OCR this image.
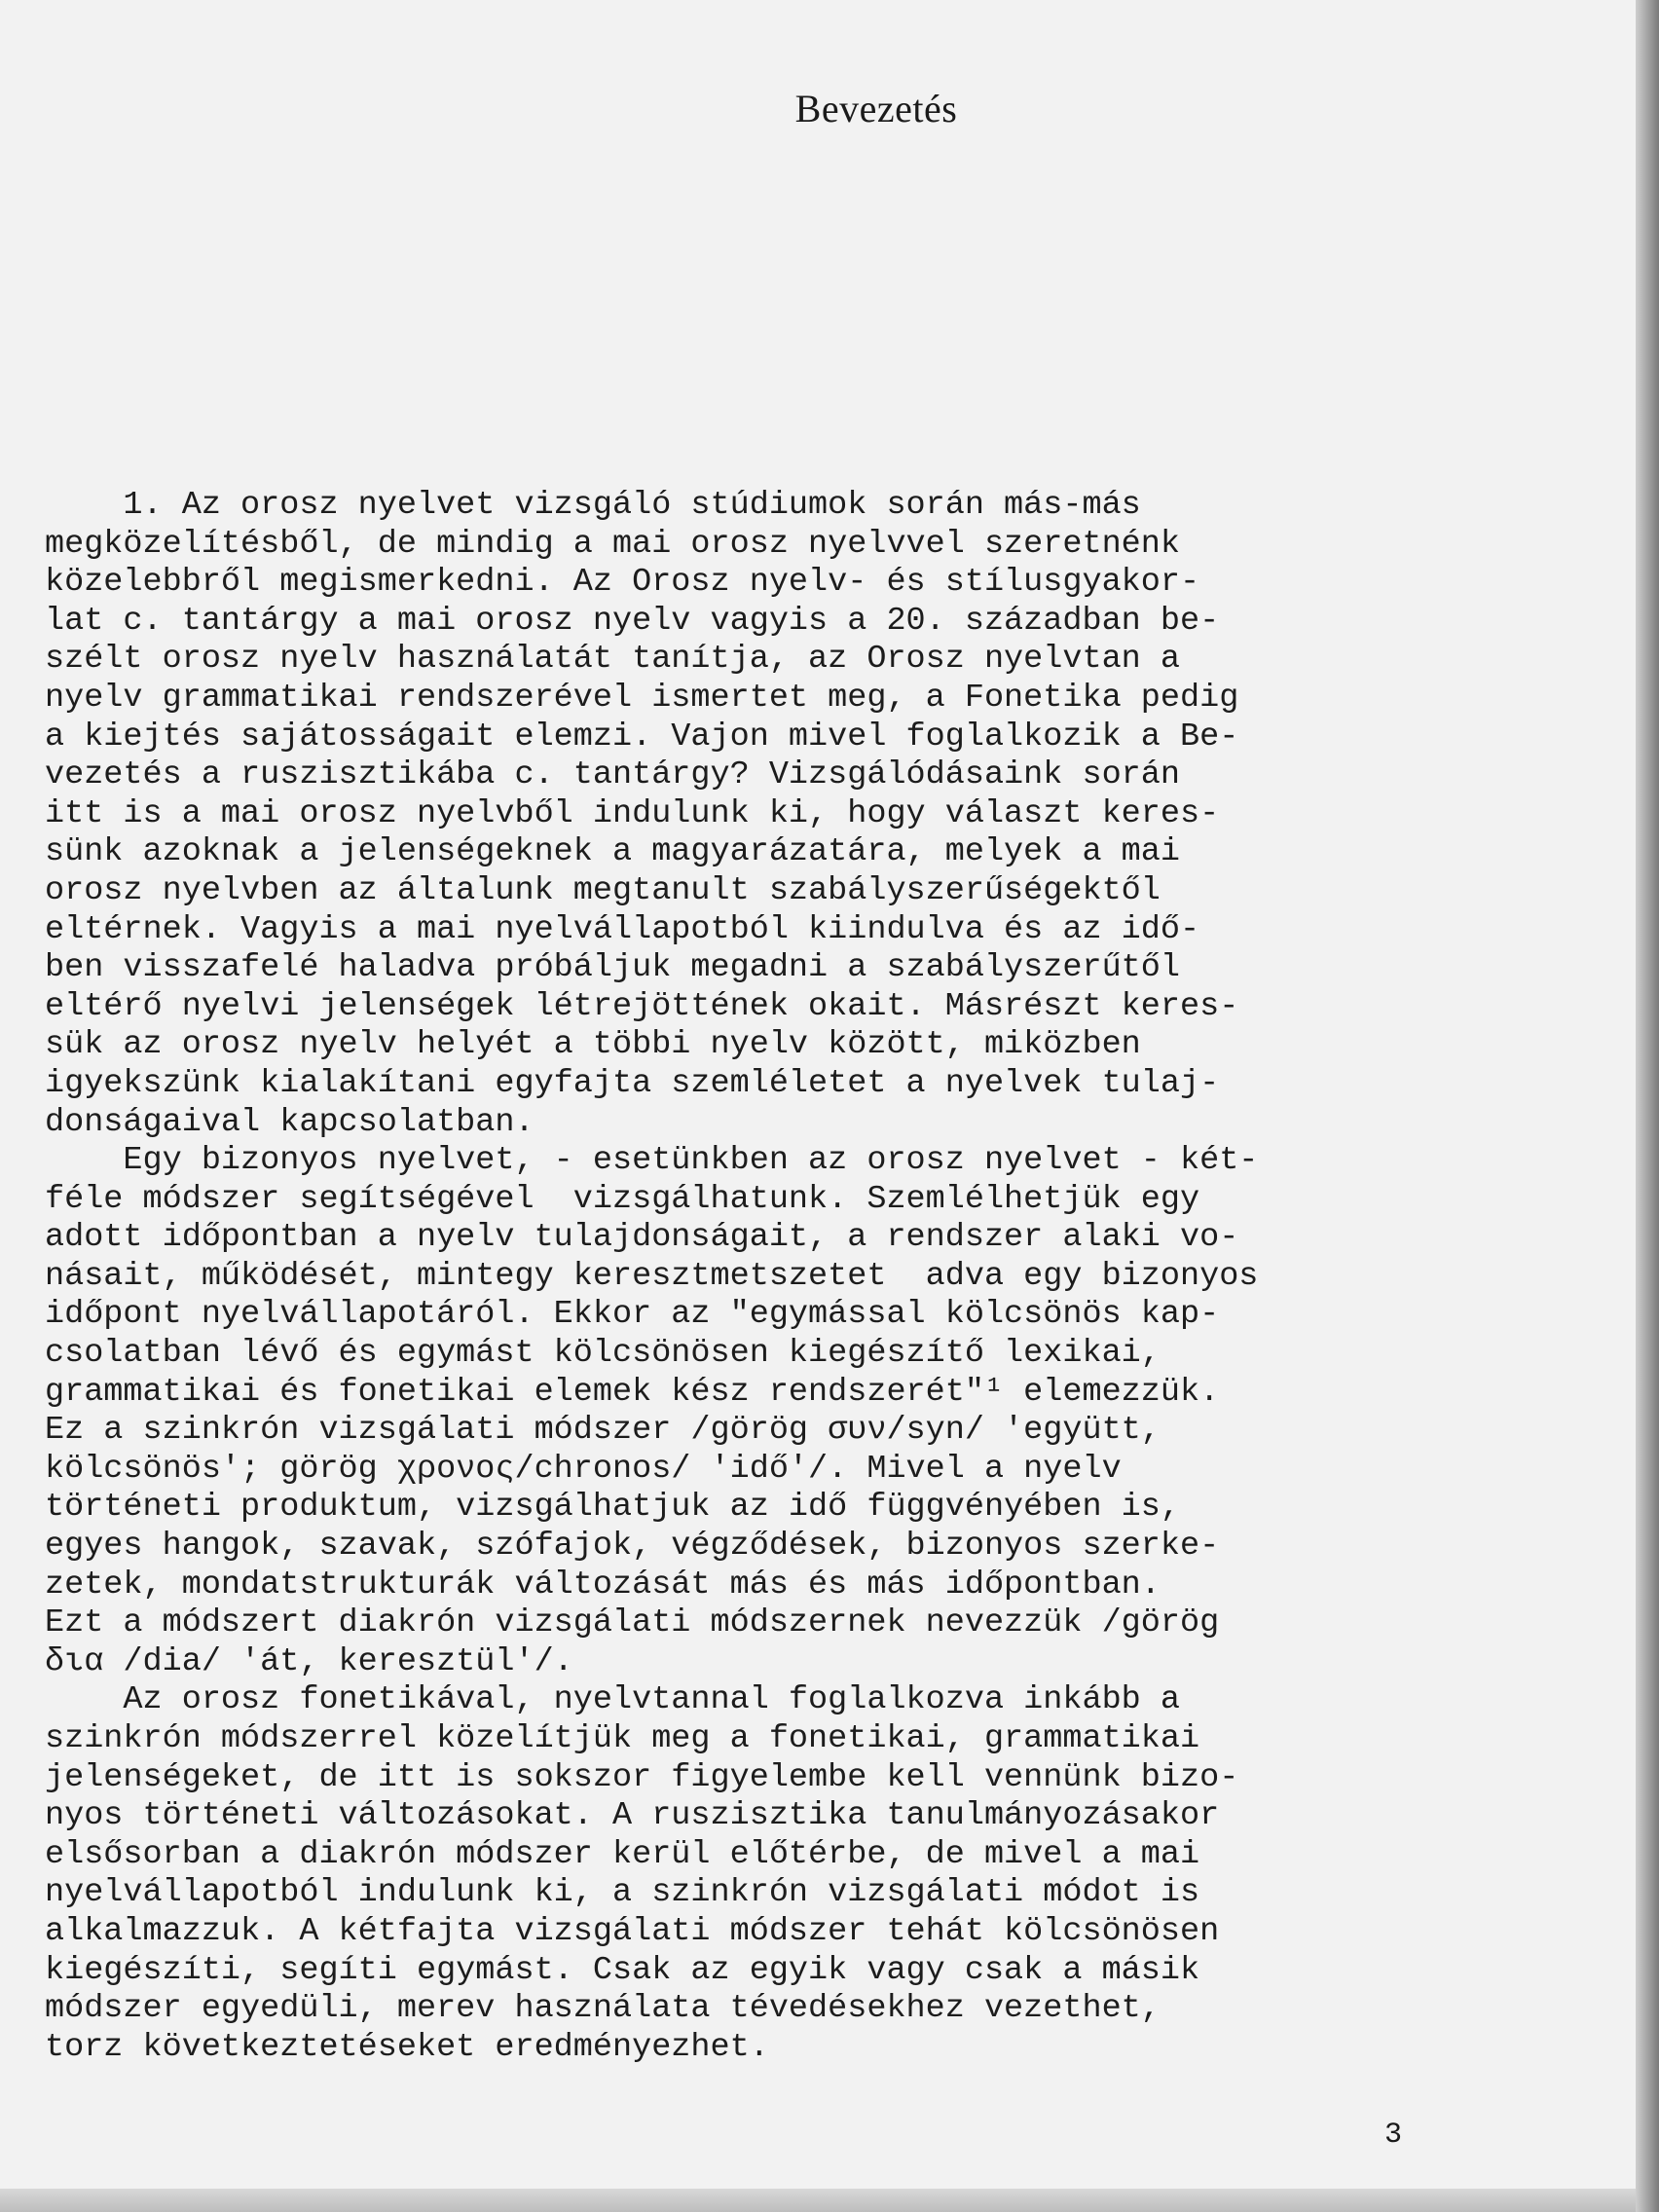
Bevezetés
1. Az orosz nyelvet vizsgáló stúdiumok során más-más
megközelítésből, de mindig a mai orosz nyelvvel szeretnénk
közelebbről megismerkedni. Az Orosz nyelv- és stílusgyakor-
lat c. tantárgy a mai orosz nyelv vagyis a 20. században be-
szélt orosz nyelv használatát tanítja, az Orosz nyelvtan a
nyelv grammatikai rendszerével ismertet meg, a Fonetika pedig
a kiejtés sajátosságait elemzi. Vajon mivel foglalkozik a Be-
vezetés a ruszisztikába c. tantárgy? Vizsgálódásaink során
itt is a mai orosz nyelvből indulunk ki, hogy választ keres-
sünk azoknak a jelenségeknek a magyarázatára, melyek a mai
orosz nyelvben az általunk megtanult szabályszerűségektől
eltérnek. Vagyis a mai nyelvállapotból kiindulva és az idő-
ben visszafelé haladva próbáljuk megadni a szabályszerűtől
eltérő nyelvi jelenségek létrejöttének okait. Másrészt keres-
sük az orosz nyelv helyét a többi nyelv között, miközben
igyekszünk kialakítani egyfajta szemléletet a nyelvek tulaj-
donságaival kapcsolatban.
Egy bizonyos nyelvet, - esetünkben az orosz nyelvet - két-
féle módszer segítségével  vizsgálhatunk. Szemlélhetjük egy
adott időpontban a nyelv tulajdonságait, a rendszer alaki vo-
násait, működését, mintegy keresztmetszetet  adva egy bizonyos
időpont nyelvállapotáról. Ekkor az "egymással kölcsönös kap-
csolatban lévő és egymást kölcsönösen kiegészítő lexikai,
grammatikai és fonetikai elemek kész rendszerét"¹ elemezzük.
Ez a szinkrón vizsgálati módszer /görög συν/syn/ 'együtt,
kölcsönös'; görög χρονος/chronos/ 'idő'/. Mivel a nyelv
történeti produktum, vizsgálhatjuk az idő függvényében is,
egyes hangok, szavak, szófajok, végződések, bizonyos szerke-
zetek, mondatstrukturák változását más és más időpontban.
Ezt a módszert diakrón vizsgálati módszernek nevezzük /görög
δια /dia/ 'át, keresztül'/.
Az orosz fonetikával, nyelvtannal foglalkozva inkább a
szinkrón módszerrel közelítjük meg a fonetikai, grammatikai
jelenségeket, de itt is sokszor figyelembe kell vennünk bizo-
nyos történeti változásokat. A ruszisztika tanulmányozásakor
elsősorban a diakrón módszer kerül előtérbe, de mivel a mai
nyelvállapotból indulunk ki, a szinkrón vizsgálati módot is
alkalmazzuk. A kétfajta vizsgálati módszer tehát kölcsönösen
kiegészíti, segíti egymást. Csak az egyik vagy csak a másik
módszer egyedüli, merev használata tévedésekhez vezethet,
torz következtetéseket eredményezhet.
3
